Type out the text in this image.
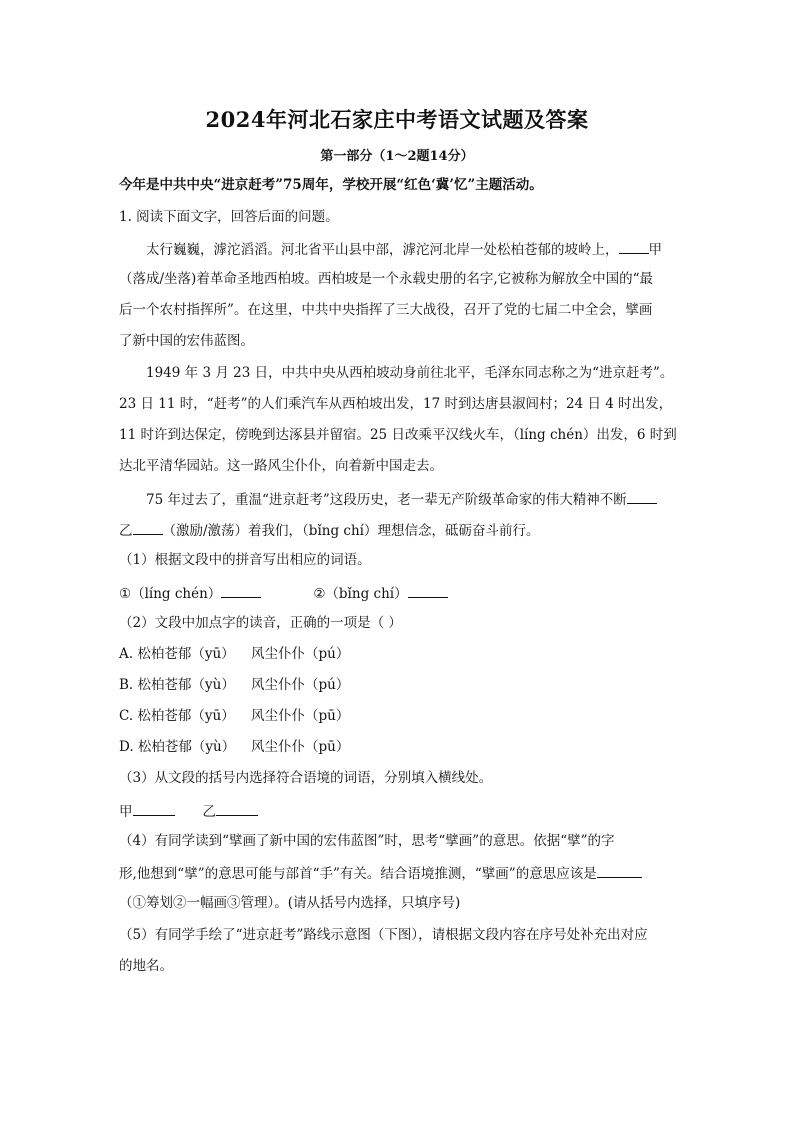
2024年河北石家庄中考语文试题及答案
第一部分（1～2题14分）
今年是中共中央“进京赶考”75周年，学校开展“红色‘冀’忆”主题活动。
1. 阅读下面文字，回答后面的问题。
太行巍巍，滹沱滔滔。河北省平山县中部，滹沱河北岸一处松柏苍郁的坡岭上， 甲
（落成/坐落)着革命圣地西柏坡。西柏坡是一个永载史册的名字,它被称为解放全中国的“最
后一个农村指挥所”。在这里，中共中央指挥了三大战役，召开了党的七届二中全会，擘画
了新中国的宏伟蓝图。
1949 年 3 月 23 日，中共中央从西柏坡动身前往北平，毛泽东同志称之为“进京赶考”。
23 日 11 时，“赶考”的人们乘汽车从西柏坡出发，17 时到达唐县淑闾村；24 日 4 时出发，
11 时许到达保定，傍晚到达涿县并留宿。25 日改乘平汉线火车，（líng chén）出发，6 时到
达北平清华园站。这一路风尘仆仆，向着新中国走去。
75 年过去了，重温“进京赶考”这段历史，老一辈无产阶级革命家的伟大精神不断
乙 （激励/激荡）着我们，（bǐng chí）理想信念，砥砺奋斗前行。
（1）根据文段中的拼音写出相应的词语。
①（líng chén）	②（bǐng chí）
（2）文段中加点字的读音，正确的一项是（ ）
A. 松柏苍郁（yū） 风尘仆仆（pú）
B. 松柏苍郁（yù） 风尘仆仆（pú）
C. 松柏苍郁（yū） 风尘仆仆（pū）
D. 松柏苍郁（yù） 风尘仆仆（pū）
（3）从文段的括号内选择符合语境的词语，分别填入横线处。
甲	乙
（4）有同学读到“擘画了新中国的宏伟蓝图”时，思考“擘画”的意思。依据“擘”的字
形,他想到“擘”的意思可能与部首“手”有关。结合语境推测，“擘画”的意思应该是
（①筹划②一幅画③管理）。(请从括号内选择，只填序号)
（5）有同学手绘了“进京赶考”路线示意图（下图），请根据文段内容在序号处补充出对应
的地名。
